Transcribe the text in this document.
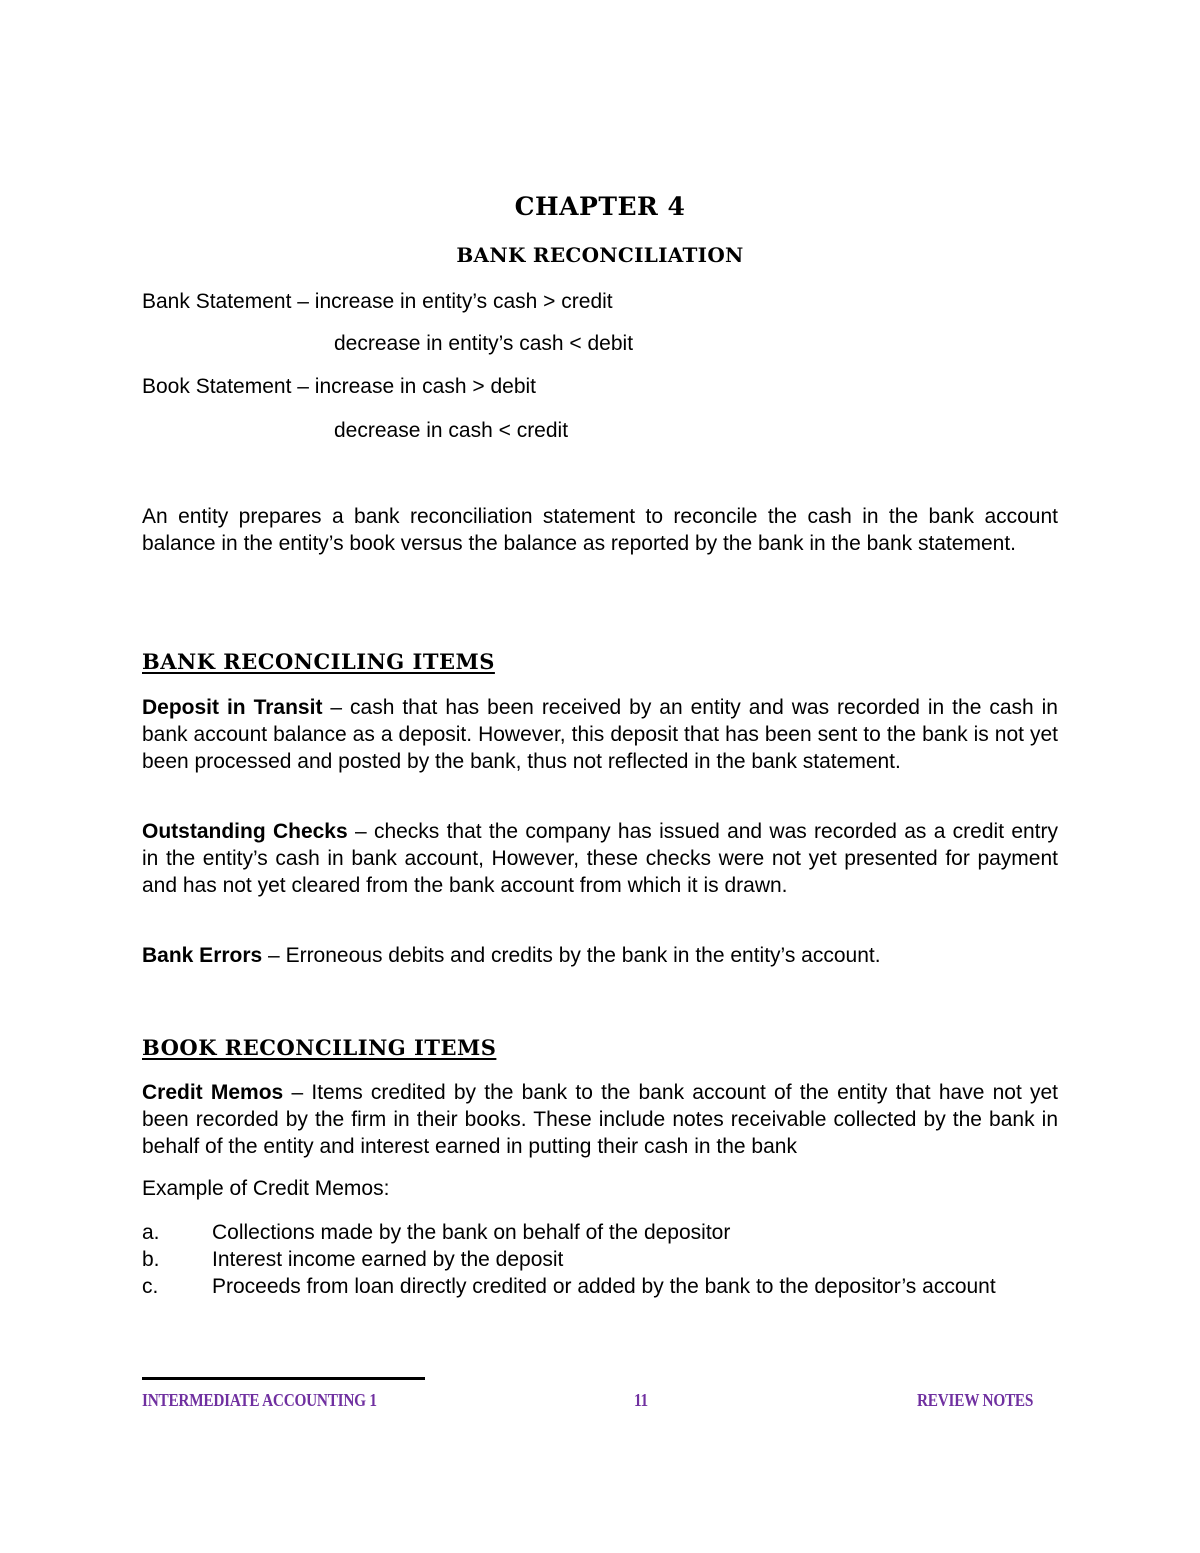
CHAPTER 4
BANK RECONCILIATION
Bank Statement – increase in entity’s cash > credit
decrease in entity’s cash < debit
Book Statement – increase in cash > debit
decrease in cash < credit
An entity prepares a bank reconciliation statement to reconcile the cash in the bank account balance in the entity’s book versus the balance as reported by the bank in the bank statement.
BANK RECONCILING ITEMS
Deposit in Transit – cash that has been received by an entity and was recorded in the cash in bank account balance as a deposit. However, this deposit that has been sent to the bank is not yet been processed and posted by the bank, thus not reflected in the bank statement.
Outstanding Checks – checks that the company has issued and was recorded as a credit entry in the entity’s cash in bank account, However, these checks were not yet presented for payment and has not yet cleared from the bank account from which it is drawn.
Bank Errors – Erroneous debits and credits by the bank in the entity’s account.
BOOK RECONCILING ITEMS
Credit Memos – Items credited by the bank to the bank account of the entity that have not yet been recorded by the firm in their books. These include notes receivable collected by the bank in behalf of the entity and interest earned in putting their cash in the bank
Example of Credit Memos:
a.	Collections made by the bank on behalf of the depositor
b.	Interest income earned by the deposit
c.	Proceeds from loan directly credited or added by the bank to the depositor’s account
INTERMEDIATE ACCOUNTING 1	11	REVIEW NOTES
